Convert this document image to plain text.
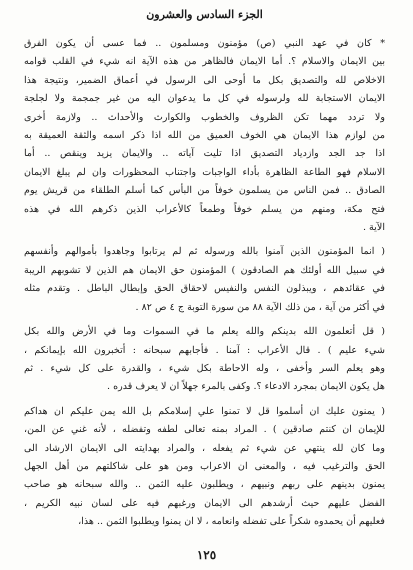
الجزء السادس والعشرون
* كان في عهد النبي (ص) مؤمنون ومسلمون .. فما عسى أن يكون الفرق
بين الايمان والاسلام ؟. أما الايمان فالظاهر من هذه الآية انه شيء في القلب قوامه
الاخلاص لله والتصديق بكل ما أوحى الى الرسول في أعماق الضمير، ونتيجة هذا
الايمان الاستجابة لله ولرسوله في كل ما يدعوان اليه من غير جمجمة ولا لجلجة
ولا تردد مهما تكن الظروف والخطوب والكوارث والأحداث .. ولازمة أخرى
من لوازم هذا الايمان هي الخوف العميق من الله اذا ذكر اسمه والثقة العميقة به
اذا جد الجد وازدياد التصديق اذا تليت آياته .. والايمان يزيد وينقص .. أما
الاسلام فهو الطاعة الظاهرة بأداء الواجبات واجتناب المحظورات وان لم يبلغ الايمان
الصادق .. فمن الناس من يسلمون خوفاً من البأس كما أسلم الطلقاء من قريش يوم
فتح مكة، ومنهم من يسلم خوفاً وطمعاً كالأعراب الذين ذكرهم الله في هذه
الآية .
( انما المؤمنون الذين آمنوا بالله ورسوله ثم لم يرتابوا وجاهدوا بأموالهم وأنفسهم
في سبيل الله أولئك هم الصادقون ) المؤمنون حق الايمان هم الذين لا تشوبهم الريبة
في عقائدهم ، ويبذلون النفس والنفيس لاحقاق الحق وإبطال الباطل . وتقدم مثله
في أكثر من آية ، من ذلك الآية ٨٨ من سورة التوبة ج ٤ ص ٨٢ .
( قل أتعلمون الله بدينكم والله يعلم ما في السموات وما في الأرض والله بكل
شيء عليم ) . قال الأعراب : آمنا . فأجابهم سبحانه : أتخبرون الله بإيمانكم ،
وهو يعلم السر وأخفى ، وله الاحاطة بكل شيء ، والقدرة على كل شيء . ثم
هل يكون الايمان بمجرد الادعاء ؟. وكفى بالمرء جهلاً ان لا يعرف قدره .
( يمنون عليك ان أسلموا قل لا تمنوا علي إسلامكم بل الله يمن عليكم ان هداكم
للإيمان ان كنتم صادقين ) . المراد بمنه تعالى لطفه وتفضله ، لأنه غني عن المن،
وما كان لله ينتهي عن شيء ثم يفعله ، والمراد بهدايته الى الايمان الارشاد الى
الحق والترغيب فيه ، والمعنى ان الاعراب ومن هو على شاكلتهم من أهل الجهل
يمنون بدينهم على ربهم ونبيهم ، ويطلبون عليه الثمن .. والله سبحانه هو صاحب
الفضل عليهم حيث أرشدهم الى الايمان ورغبهم فيه على لسان نبيه الكريم ،
فعليهم أن يحمدوه شكراً على تفضله وانعامه ، لا ان يمنوا ويطلبوا الثمن .. هذا،
١٢٥
